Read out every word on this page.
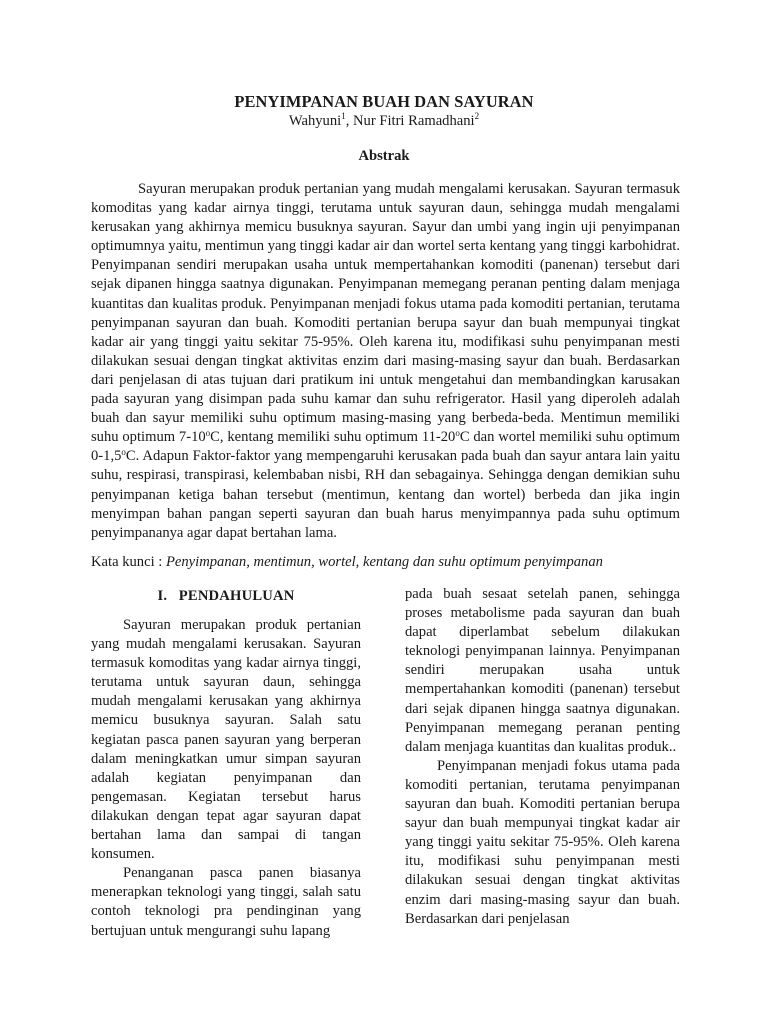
PENYIMPANAN BUAH DAN SAYURAN
Wahyuni$^1$, Nur Fitri Ramadhani$^2$
Abstrak

Sayuran merupakan produk pertanian yang mudah mengalami kerusakan. Sayuran termasuk komoditas yang kadar airnya tinggi, terutama untuk sayuran daun, sehingga mudah mengalami kerusakan yang akhirnya memicu busuknya sayuran. Sayur dan umbi yang ingin uji penyimpanan optimumnya yaitu, mentimun yang tinggi kadar air dan wortel serta kentang yang tinggi karbohidrat. Penyimpanan sendiri merupakan usaha untuk mempertahankan komoditi (panenan) tersebut dari sejak dipanen hingga saatnya digunakan. Penyimpanan memegang peranan penting dalam menjaga kuantitas dan kualitas produk. Penyimpanan menjadi fokus utama pada komoditi pertanian, terutama penyimpanan sayuran dan buah. Komoditi pertanian berupa sayur dan buah mempunyai tingkat kadar air yang tinggi yaitu sekitar 75-95%. Oleh karena itu, modifikasi suhu penyimpanan mesti dilakukan sesuai dengan tingkat aktivitas enzim dari masing-masing sayur dan buah. Berdasarkan dari penjelasan di atas tujuan dari pratikum ini untuk mengetahui dan membandingkan karusakan pada sayuran yang disimpan pada suhu kamar dan suhu refrigerator. Hasil yang diperoleh adalah buah dan sayur memiliki suhu optimum masing-masing yang berbeda-beda. Mentimun memiliki suhu optimum 7-10$^o$C, kentang memiliki suhu optimum 11-20$^o$C dan wortel memiliki suhu optimum 0-1,5$^o$C. Adapun Faktor-faktor yang mempengaruhi kerusakan pada buah dan sayur antara lain yaitu suhu, respirasi, transpirasi, kelembaban nisbi, RH dan sebagainya. Sehingga dengan demikian suhu penyimpanan ketiga bahan tersebut (mentimun, kentang dan wortel) berbeda dan jika ingin menyimpan bahan pangan seperti sayuran dan buah harus menyimpannya pada suhu optimum penyimpananya agar dapat bertahan lama.

Kata kunci : Penyimpanan, mentimun, wortel, kentang dan suhu optimum penyimpanan

I.   PENDAHULUAN

Sayuran merupakan produk pertanian yang mudah mengalami kerusakan. Sayuran termasuk komoditas yang kadar airnya tinggi, terutama untuk sayuran daun, sehingga mudah mengalami kerusakan yang akhirnya memicu busuknya sayuran. Salah satu kegiatan pasca panen sayuran yang berperan dalam meningkatkan umur simpan sayuran adalah kegiatan penyimpanan dan pengemasan. Kegiatan tersebut harus dilakukan dengan tepat agar sayuran dapat bertahan lama dan sampai di tangan konsumen.

Penanganan pasca panen biasanya menerapkan teknologi yang tinggi, salah satu contoh teknologi pra pendinginan yang bertujuan untuk mengurangi suhu lapang

pada buah sesaat setelah panen, sehingga proses metabolisme pada sayuran dan buah dapat diperlambat sebelum dilakukan teknologi penyimpanan lainnya. Penyimpanan sendiri merupakan usaha untuk mempertahankan komoditi (panenan) tersebut dari sejak dipanen hingga saatnya digunakan. Penyimpanan memegang peranan penting dalam menjaga kuantitas dan kualitas produk..

Penyimpanan menjadi fokus utama pada komoditi pertanian, terutama penyimpanan sayuran dan buah. Komoditi pertanian berupa sayur dan buah mempunyai tingkat kadar air yang tinggi yaitu sekitar 75-95%. Oleh karena itu, modifikasi suhu penyimpanan mesti dilakukan sesuai dengan tingkat aktivitas enzim dari masing-masing sayur dan buah. Berdasarkan dari penjelasan
